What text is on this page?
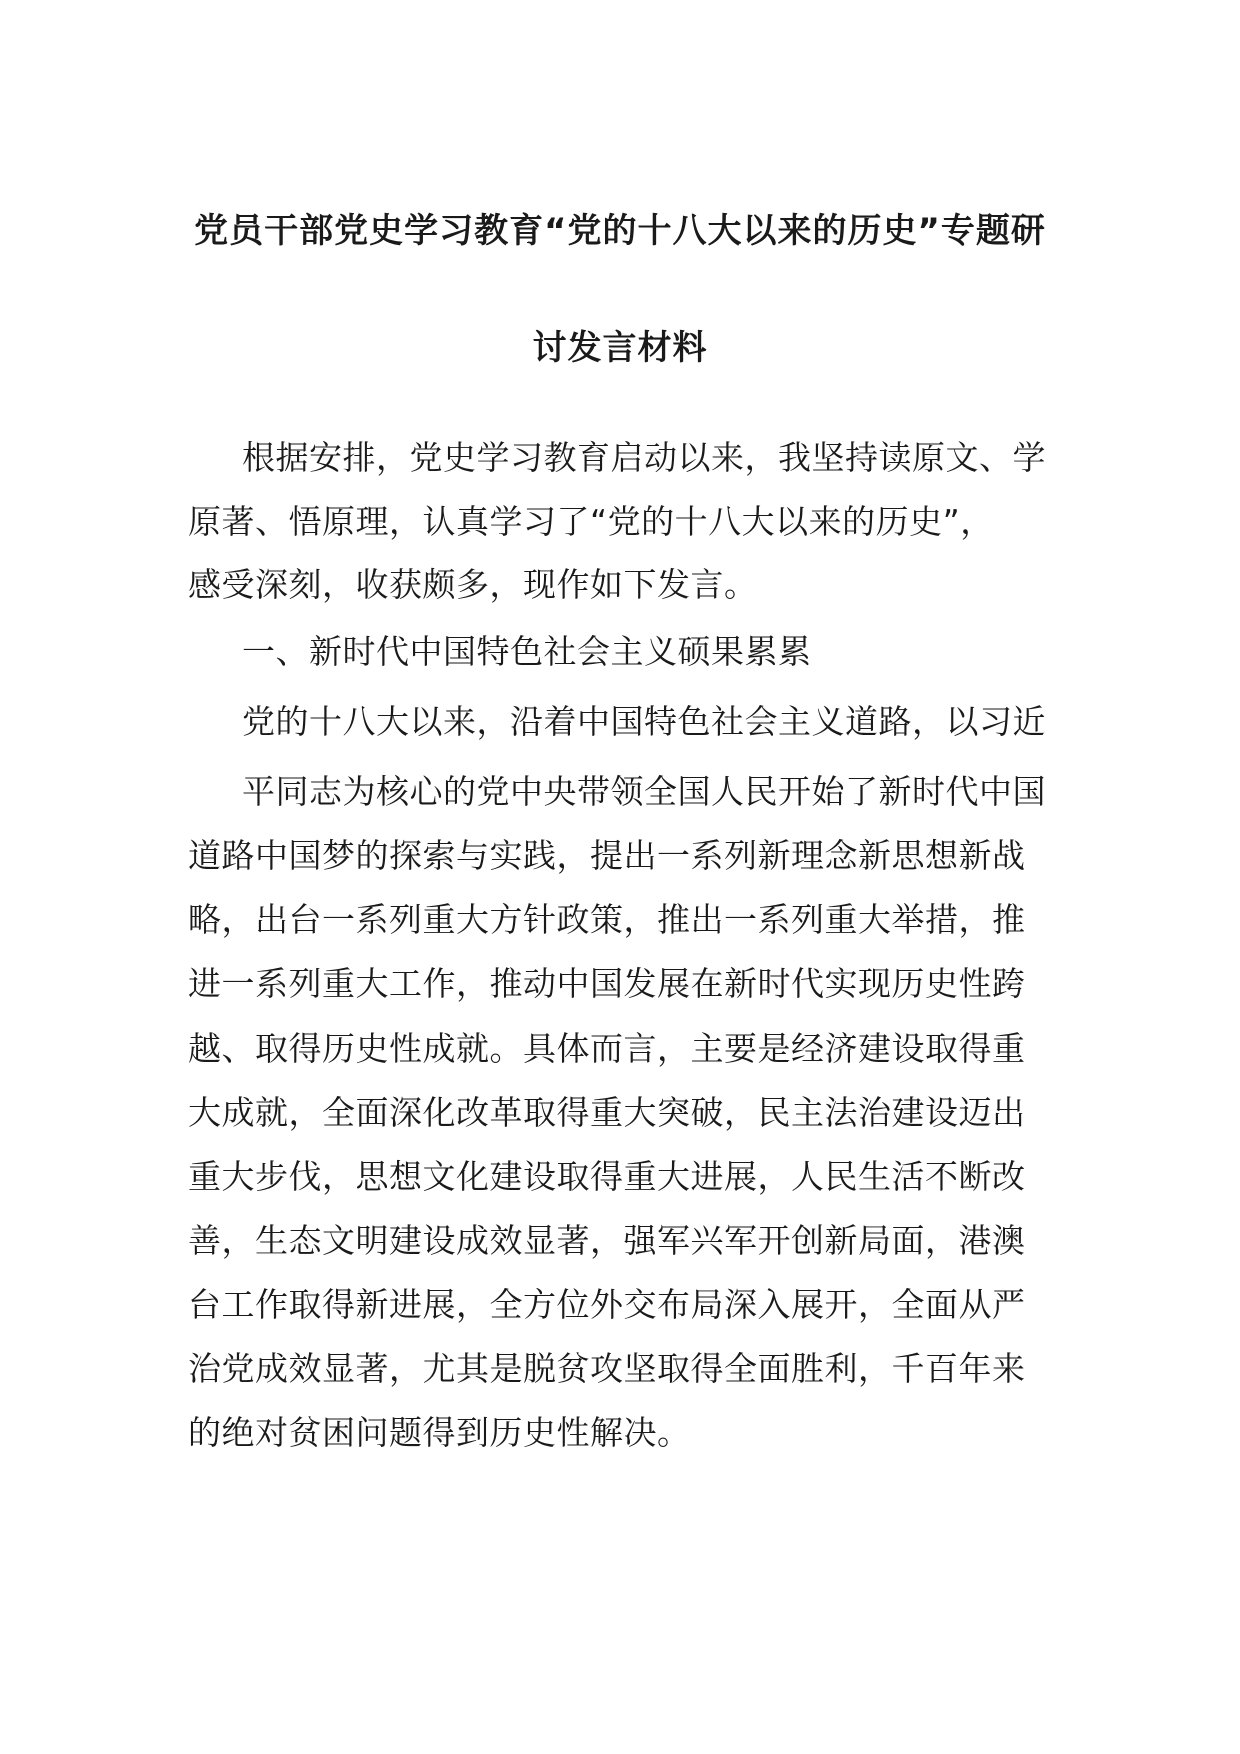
党员干部党史学习教育“党的十八大以来的历史”专题研
讨发言材料
根据安排，党史学习教育启动以来，我坚持读原文、学
原著、悟原理，认真学习了“党的十八大以来的历史”，
感受深刻，收获颇多，现作如下发言。
一、新时代中国特色社会主义硕果累累
党的十八大以来，沿着中国特色社会主义道路，以习近
平同志为核心的党中央带领全国人民开始了新时代中国
道路中国梦的探索与实践，提出一系列新理念新思想新战
略，出台一系列重大方针政策，推出一系列重大举措，推
进一系列重大工作，推动中国发展在新时代实现历史性跨
越、取得历史性成就。具体而言，主要是经济建设取得重
大成就，全面深化改革取得重大突破，民主法治建设迈出
重大步伐，思想文化建设取得重大进展，人民生活不断改
善，生态文明建设成效显著，强军兴军开创新局面，港澳
台工作取得新进展，全方位外交布局深入展开，全面从严
治党成效显著，尤其是脱贫攻坚取得全面胜利，千百年来
的绝对贫困问题得到历史性解决。
